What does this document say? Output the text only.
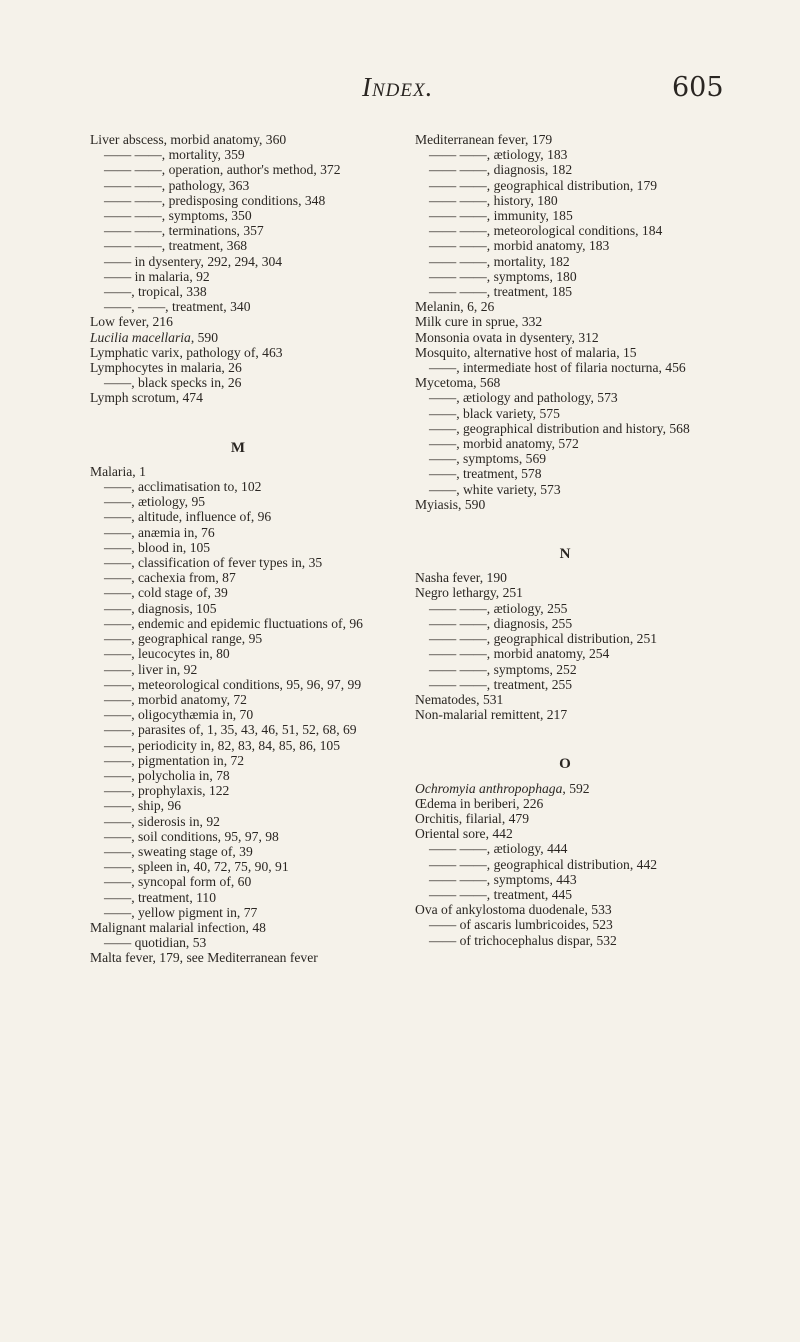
Index.	605

Liver abscess, morbid anatomy, 360

—— ——, mortality, 359

—— ——, operation, author's method, 372

—— ——, pathology, 363

—— ——, predisposing conditions, 348

—— ——, symptoms, 350

—— ——, terminations, 357

—— ——, treatment, 368

—— in dysentery, 292, 294, 304

—— in malaria, 92

——, tropical, 338

——, ——, treatment, 340

Low fever, 216

Lucilia macellaria, 590

Lymphatic varix, pathology of, 463

Lymphocytes in malaria, 26

——, black specks in, 26

Lymph scrotum, 474

M

Malaria, 1

——, acclimatisation to, 102

——, ætiology, 95

——, altitude, influence of, 96

——, anæmia in, 76

——, blood in, 105

——, classification of fever types in, 35

——, cachexia from, 87

——, cold stage of, 39

——, diagnosis, 105

——, endemic and epidemic fluctuations of, 96

——, geographical range, 95

——, leucocytes in, 80

——, liver in, 92

——, meteorological conditions, 95, 96, 97, 99

——, morbid anatomy, 72

——, oligocythæmia in, 70

——, parasites of, 1, 35, 43, 46, 51, 52, 68, 69

——, periodicity in, 82, 83, 84, 85, 86, 105

——, pigmentation in, 72

——, polycholia in, 78

——, prophylaxis, 122

——, ship, 96

——, siderosis in, 92

——, soil conditions, 95, 97, 98

——, sweating stage of, 39

——, spleen in, 40, 72, 75, 90, 91

——, syncopal form of, 60

——, treatment, 110

——, yellow pigment in, 77

Malignant malarial infection, 48

—— quotidian, 53

Malta fever, 179, see Mediterranean fever

Mediterranean fever, 179

—— ——, ætiology, 183

—— ——, diagnosis, 182

—— ——, geographical distribution, 179

—— ——, history, 180

—— ——, immunity, 185

—— ——, meteorological conditions, 184

—— ——, morbid anatomy, 183

—— ——, mortality, 182

—— ——, symptoms, 180

—— ——, treatment, 185

Melanin, 6, 26

Milk cure in sprue, 332

Monsonia ovata in dysentery, 312

Mosquito, alternative host of malaria, 15

——, intermediate host of filaria nocturna, 456

Mycetoma, 568

——, ætiology and pathology, 573

——, black variety, 575

——, geographical distribution and history, 568

——, morbid anatomy, 572

——, symptoms, 569

——, treatment, 578

——, white variety, 573

Myiasis, 590

N

Nasha fever, 190

Negro lethargy, 251

—— ——, ætiology, 255

—— ——, diagnosis, 255

—— ——, geographical distribution, 251

—— ——, morbid anatomy, 254

—— ——, symptoms, 252

—— ——, treatment, 255

Nematodes, 531

Non-malarial remittent, 217

O

Ochromyia anthropophaga, 592

Œdema in beriberi, 226

Orchitis, filarial, 479

Oriental sore, 442

—— ——, ætiology, 444

—— ——, geographical distribution, 442

—— ——, symptoms, 443

—— ——, treatment, 445

Ova of ankylostoma duodenale, 533

—— of ascaris lumbricoides, 523

—— of trichocephalus dispar, 532
